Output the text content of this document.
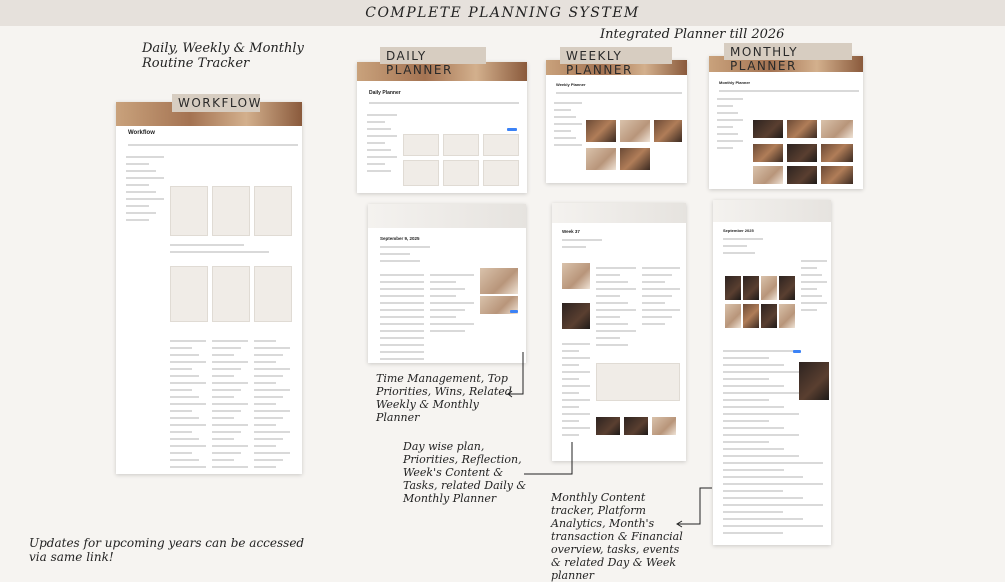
COMPLETE PLANNING SYSTEM
Integrated Planner till 2026
Daily, Weekly & Monthly
Routine Tracker
Updates for upcoming years can be accessed
via same link!
Workflow
WORKFLOW
Daily Planner
DAILY PLANNER
Weekly Planner
WEEKLY PLANNER
Monthly Planner
MONTHLY PLANNER
September 9, 2025
Week 37	September 2025
Time Management, Top Priorities, Wins, Related Weekly & Monthly Planner
Day wise plan, Priorities, Reflection, Week's Content & Tasks, related Daily & Monthly Planner	Monthly Content tracker, Platform Analytics, Month's transaction & Financial overview, tasks, events & related Day & Week planner
